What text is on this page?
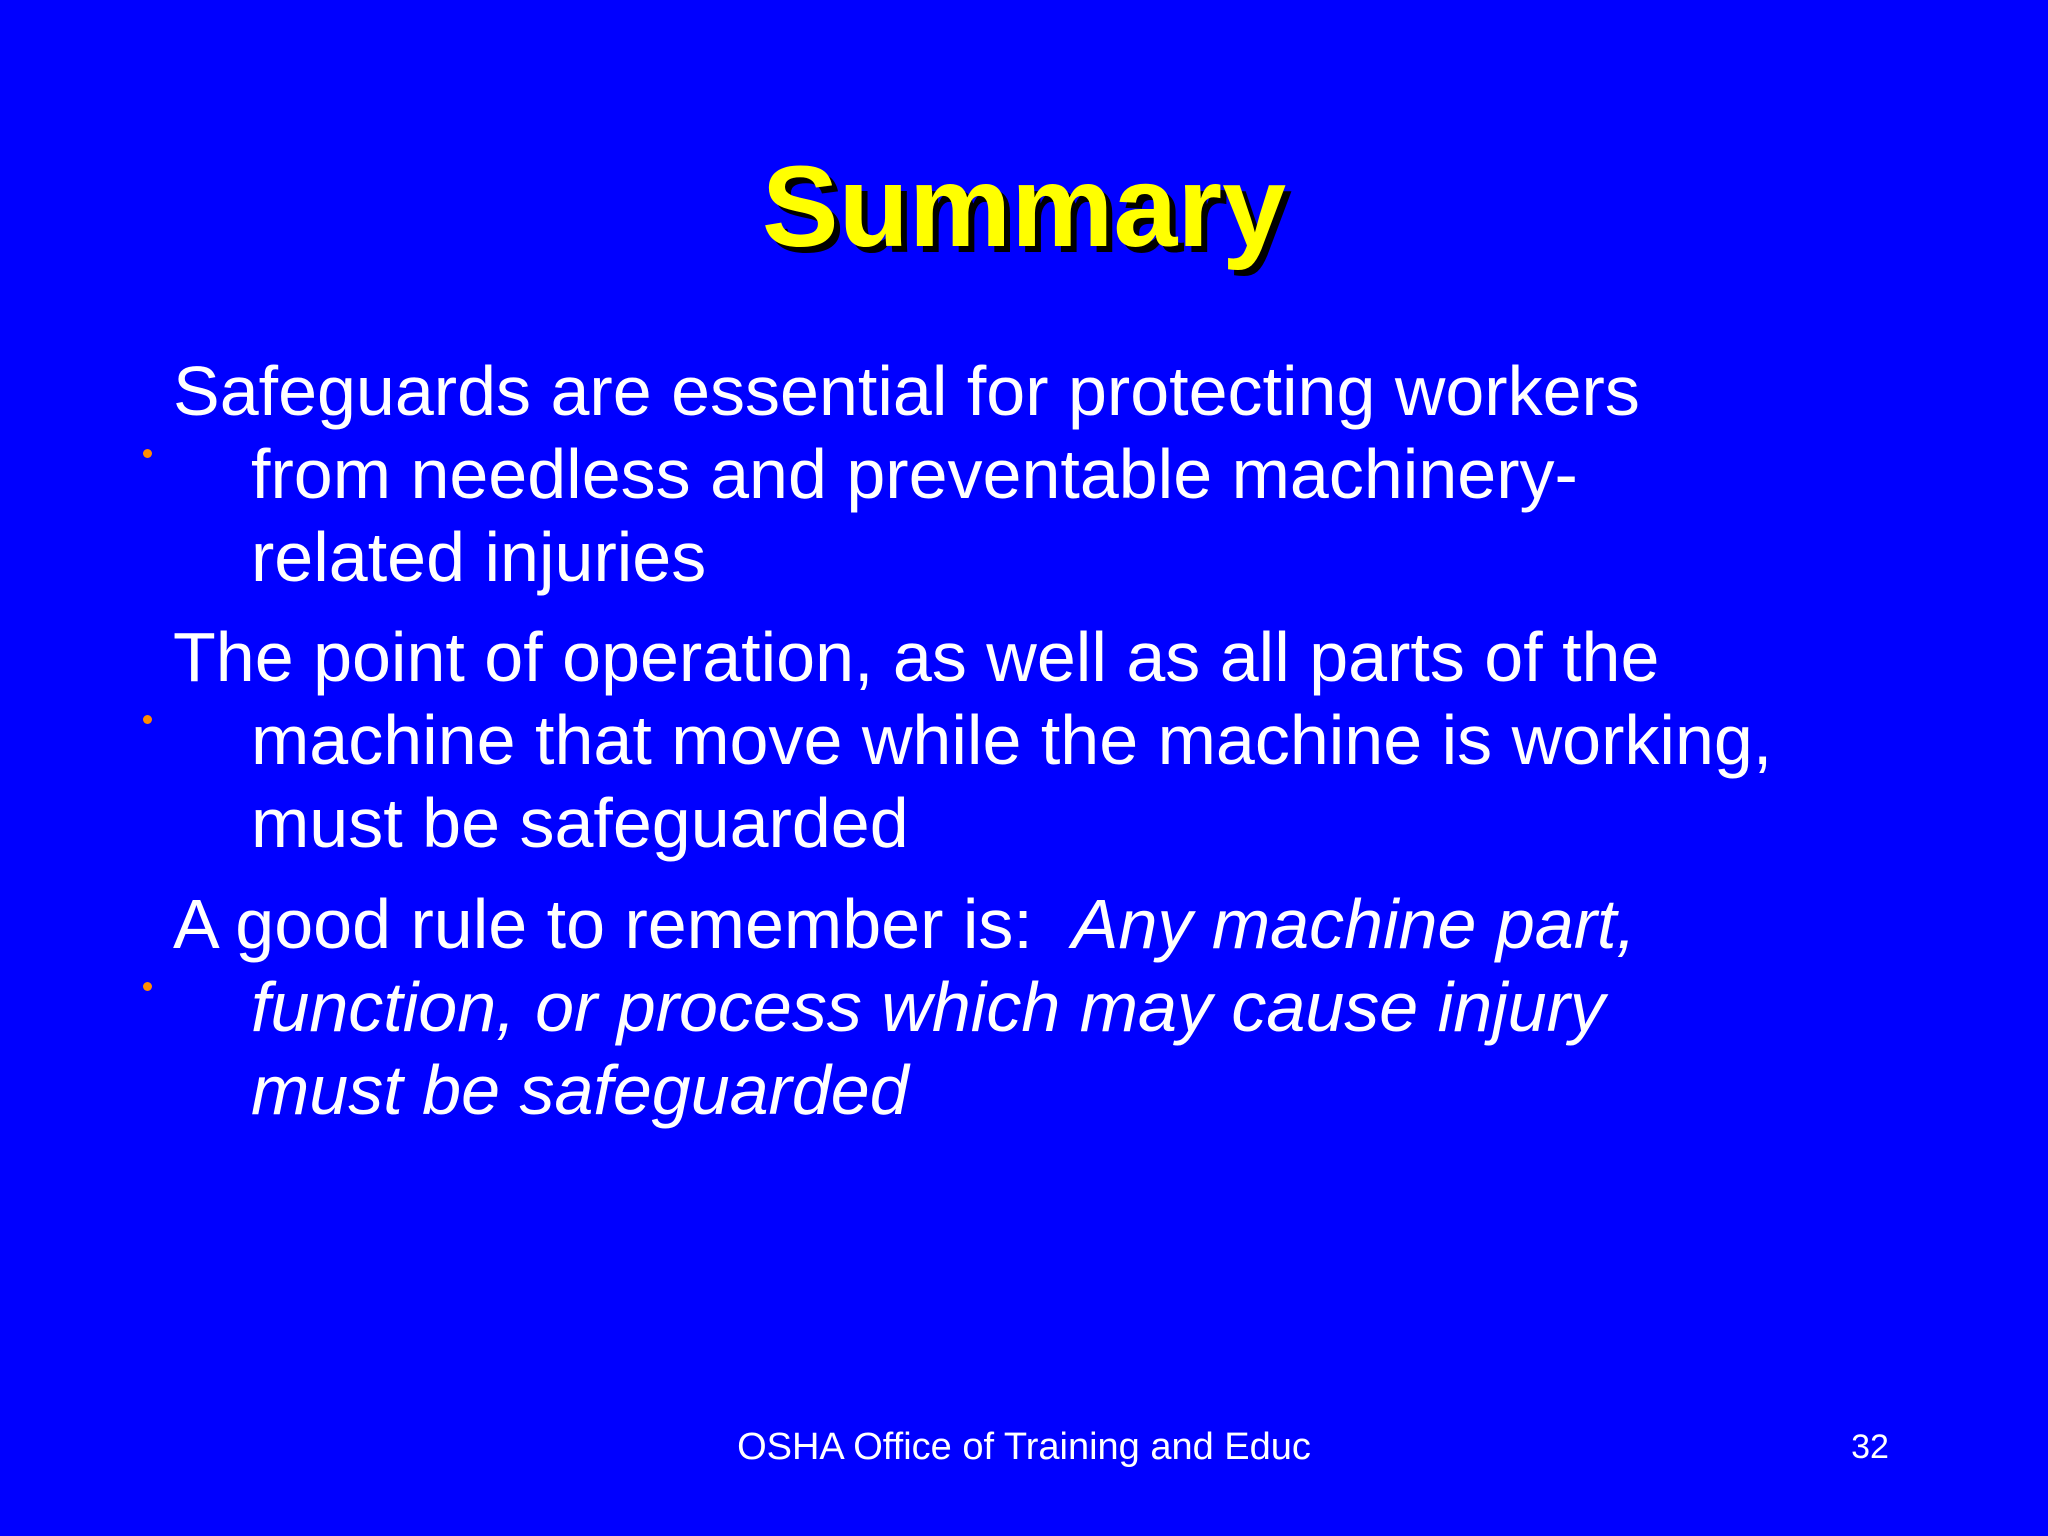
Summary
Safeguards are essential for protecting workers from needless and preventable machinery-related injuries
The point of operation, as well as all parts of the machine that move while the machine is working, must be safeguarded
A good rule to remember is:  Any machine part, function, or process which may cause injury must be safeguarded
OSHA Office of Training and Educ	32
